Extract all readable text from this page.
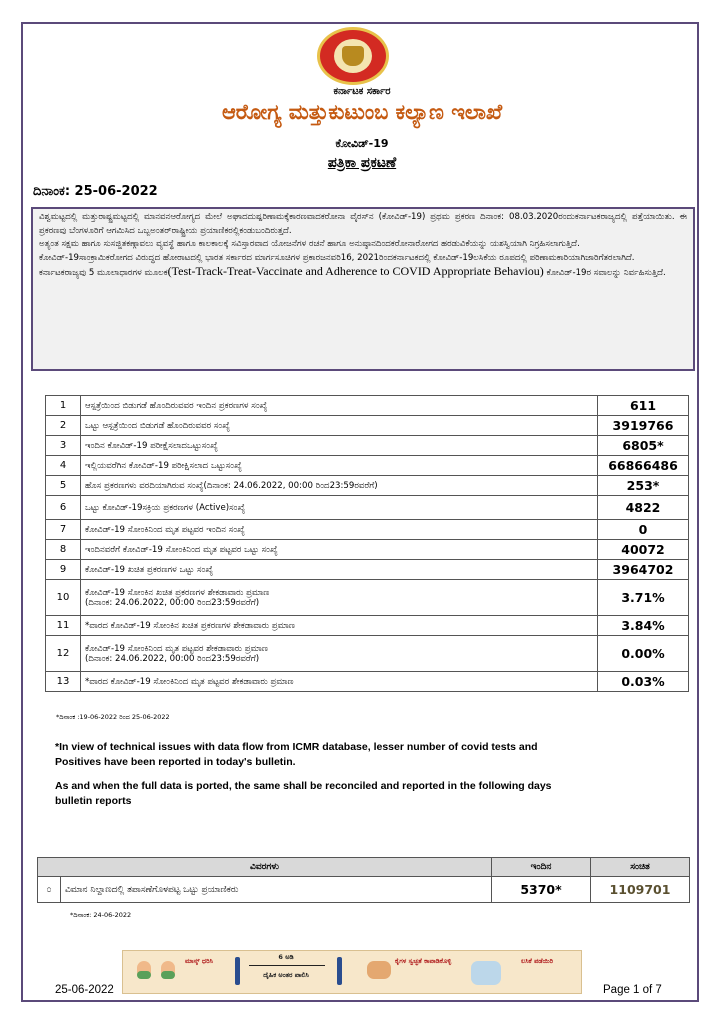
ಕರ್ನಾಟಕ ಸರ್ಕಾರ
ಆರೋಗ್ಯ ಮತ್ತುಕುಟುಂಬ ಕಲ್ಯಾಣ ಇಲಾಖೆ
ಕೋವಿಡ್-19
ಪತ್ರಿಕಾ ಪ್ರಕಟಣೆ
ದಿನಾಂಕ: 25-06-2022

ವಿಶ್ವಮಟ್ಟದಲ್ಲಿ ಮತ್ತುರಾಷ್ಟ್ರಮಟ್ಟದಲ್ಲಿ ಮಾನವನಆರೋಗ್ಯದ ಮೇಲೆ ಅಘಾದದುಷ್ಪರಿಣಾಮಕ್ಕೆಕಾರಣವಾದಕರೋನಾ ವೈರಸ್‌ನ (ಕೋವಿಡ್-19) ಪ್ರಥಮ ಪ್ರಕರಣ ದಿನಾಂಕ: 08.03.2020ರಂದುಕರ್ನಾಟಕರಾಜ್ಯದಲ್ಲಿ ಪತ್ತೆಯಾಯಿತು. ಈ ಪ್ರಕರಣವು ಬೆಂಗಳೂರಿಗೆ ಆಗಮಿಸಿದ ಒಬ್ಬಅಂತರ್‌ರಾಷ್ಟ್ರೀಯ ಪ್ರಯಾಣಿಕರಲ್ಲಿಕಂಡುಬಂದಿರುತ್ತದೆ.

ಅತ್ಯಂತ ಸಕ್ಷಮ ಹಾಗೂ ಸುಸಜ್ಜಿತಕಣ್ಗಾವಲು ವ್ಯವಸ್ಥೆ ಹಾಗೂ ಕಾಲಕಾಲಕ್ಕೆ ಸವಿಸ್ತಾರವಾದ ಯೋಜನೆಗಳ ರಚನೆ ಹಾಗೂ ಅನುಷ್ಠಾನದಿಂದಕರೋನಾರೋಗದ ಹರಡುವಿಕೆಯನ್ನು ಯಶಸ್ವಿಯಾಗಿ ನಿಗ್ರಹಿಸಲಾಗುತ್ತಿದೆ.

ಕೋವಿಡ್-19ಸಾಂಕ್ರಾಮಿಕರೋಗದ ವಿರುದ್ಧದ ಹೋರಾಟದಲ್ಲಿ ಭಾರತ ಸರ್ಕಾರದ ಮಾರ್ಗಸೂಚಿಗಳ ಪ್ರಕಾರಜನವರಿ16, 2021ರಿಂದಕರ್ನಾಟಕದಲ್ಲಿ ಕೋವಿಡ್-19ಲಸಿಕೆಯ ರೂಪದಲ್ಲಿ ಪರಿಣಾಮಕಾರಿಯಾಗಿಜಾರಿಗೆತರಲಾಗಿದೆ.

ಕರ್ನಾಟಕರಾಜ್ಯವು 5 ಮೂಲಾಧಾರಗಳ ಮೂಲಕ(Test-Track-Treat-Vaccinate and Adherence to COVID Appropriate Behaviou) ಕೋವಿಡ್-19ರ ಸವಾಲನ್ನು ನಿರ್ವಹಿಸುತ್ತಿದೆ.

1	ಆಸ್ಪತ್ರೆಯಿಂದ ಬಿಡುಗಡೆ ಹೊಂದಿರುವವರ ಇಂದಿನ ಪ್ರಕರಣಗಳ ಸಂಖ್ಯೆ	611
2	ಒಟ್ಟು ಆಸ್ಪತ್ರೆಯಿಂದ ಬಿಡುಗಡೆ ಹೊಂದಿರುವವರ ಸಂಖ್ಯೆ	3919766
3	ಇಂದಿನ ಕೋವಿಡ್-19 ಪರೀಕ್ಷೆಸಲಾದಒಟ್ಟುಸಂಖ್ಯೆ	6805*
4	ಇಲ್ಲಿಯವರೆಗಿನ ಕೋವಿಡ್-19 ಪರೀಕ್ಷಿಸಲಾದ ಒಟ್ಟುಸಂಖ್ಯೆ	66866486
5	ಹೊಸ ಪ್ರಕರಣಗಳು ವರದಿಯಾಗಿರುವ ಸಂಖ್ಯೆ(ದಿನಾಂಕ: 24.06.2022, 00:00 ರಿಂದ23:59ರವರೆಗೆ)	253*
6	ಒಟ್ಟು ಕೋವಿಡ್-19ಸಕ್ರಿಯ ಪ್ರಕರಣಗಳ (Active)ಸಂಖ್ಯೆ	4822
7	ಕೋವಿಡ್-19 ಸೋಂಕಿನಿಂದ ಮೃತ ಪಟ್ಟವರ ಇಂದಿನ ಸಂಖ್ಯೆ	0
8	ಇಂದಿನವರೆಗೆ ಕೋವಿಡ್-19 ಸೋಂಕಿನಿಂದ ಮೃತ ಪಟ್ಟವರ ಒಟ್ಟು ಸಂಖ್ಯೆ	40072
9	ಕೋವಿಡ್-19 ಖಚಿತ ಪ್ರಕರಣಗಳ ಒಟ್ಟು ಸಂಖ್ಯೆ	3964702
10	ಕೋವಿಡ್-19 ಸೋಂಕಿನ ಖಚಿತ ಪ್ರಕರಣಗಳ ಶೇಕಡಾವಾರು ಪ್ರಮಾಣ
(ದಿನಾಂಕ: 24.06.2022, 00:00 ರಿಂದ23:59ರವರೆಗೆ)	3.71%
11	*ವಾರದ ಕೋವಿಡ್-19 ಸೋಂಕಿನ ಖಚಿತ ಪ್ರಕರಣಗಳ ಶೇಕಡಾವಾರು ಪ್ರಮಾಣ	3.84%
12	ಕೋವಿಡ್-19 ಸೋಂಕಿನಿಂದ ಮೃತ ಪಟ್ಟವರ ಶೇಕಡಾವಾರು ಪ್ರಮಾಣ
(ದಿನಾಂಕ: 24.06.2022, 00:00 ರಿಂದ23:59ರವರೆಗೆ)	0.00%
13	*ವಾರದ ಕೋವಿಡ್-19 ಸೋಂಕಿನಿಂದ ಮೃತ ಪಟ್ಟವರ ಶೇಕಡಾವಾರು ಪ್ರಮಾಣ	0.03%
*ದಿನಾಂಕ :19-06-2022 ರಿಂದ 25-06-2022

*In view of technical issues with data flow from ICMR database, lesser number of covid tests and Positives have been reported in today's bulletin.

As and when the full data is ported, the same shall be reconciled and reported in the following days bulletin reports

ವಿವರಗಳು		ಇಂದಿನ	ಸಂಚಿತ
೦	ವಿಮಾನ ನಿಲ್ದಾಣದಲ್ಲಿ ತಪಾಸಣೆಗೊಳಪಟ್ಟ ಒಟ್ಟು ಪ್ರಯಾಣಿಕರು	5370*	1109701
*ದಿನಾಂಕ: 24-06-2022
ಮಾಸ್ಕ್ ಧರಿಸಿ	6 ಅಡಿ
ದೈಹಿಕ ಅಂತರ ಪಾಲಿಸಿ
ಕೈಗಳ ಸ್ವಚ್ಛತೆ ಕಾಪಾಡಿಕೊಳ್ಳಿ	ಲಸಿಕೆ ಪಡೆಯಿರಿ
25-06-2022	Page 1 of 7
